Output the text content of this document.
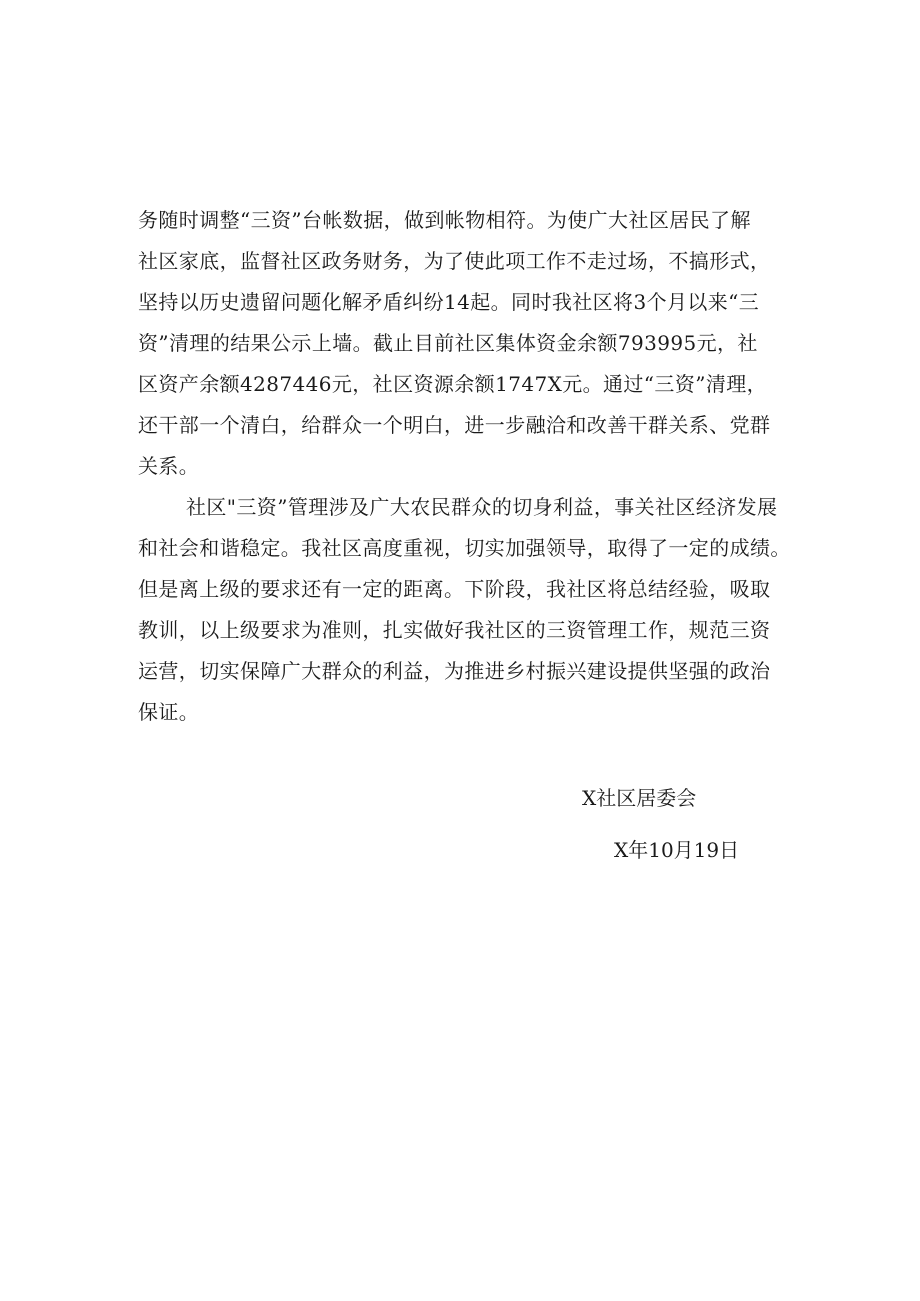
务随时调整“三资”台帐数据，做到帐物相符。为使广大社区居民了解
社区家底，监督社区政务财务，为了使此项工作不走过场，不搞形式，
坚持以历史遗留问题化解矛盾纠纷14起。同时我社区将3个月以来“三
资”清理的结果公示上墙。截止目前社区集体资金余额793995元，社
区资产余额4287446元，社区资源余额1747X元。通过“三资”清理，
还干部一个清白，给群众一个明白，进一步融洽和改善干群关系、党群
关系。
社区"三资”管理涉及广大农民群众的切身利益，事关社区经济发展
和社会和谐稳定。我社区高度重视，切实加强领导，取得了一定的成绩。
但是离上级的要求还有一定的距离。下阶段，我社区将总结经验，吸取
教训，以上级要求为准则，扎实做好我社区的三资管理工作，规范三资
运营，切实保障广大群众的利益，为推进乡村振兴建设提供坚强的政治
保证。
X社区居委会
X年10月19日
